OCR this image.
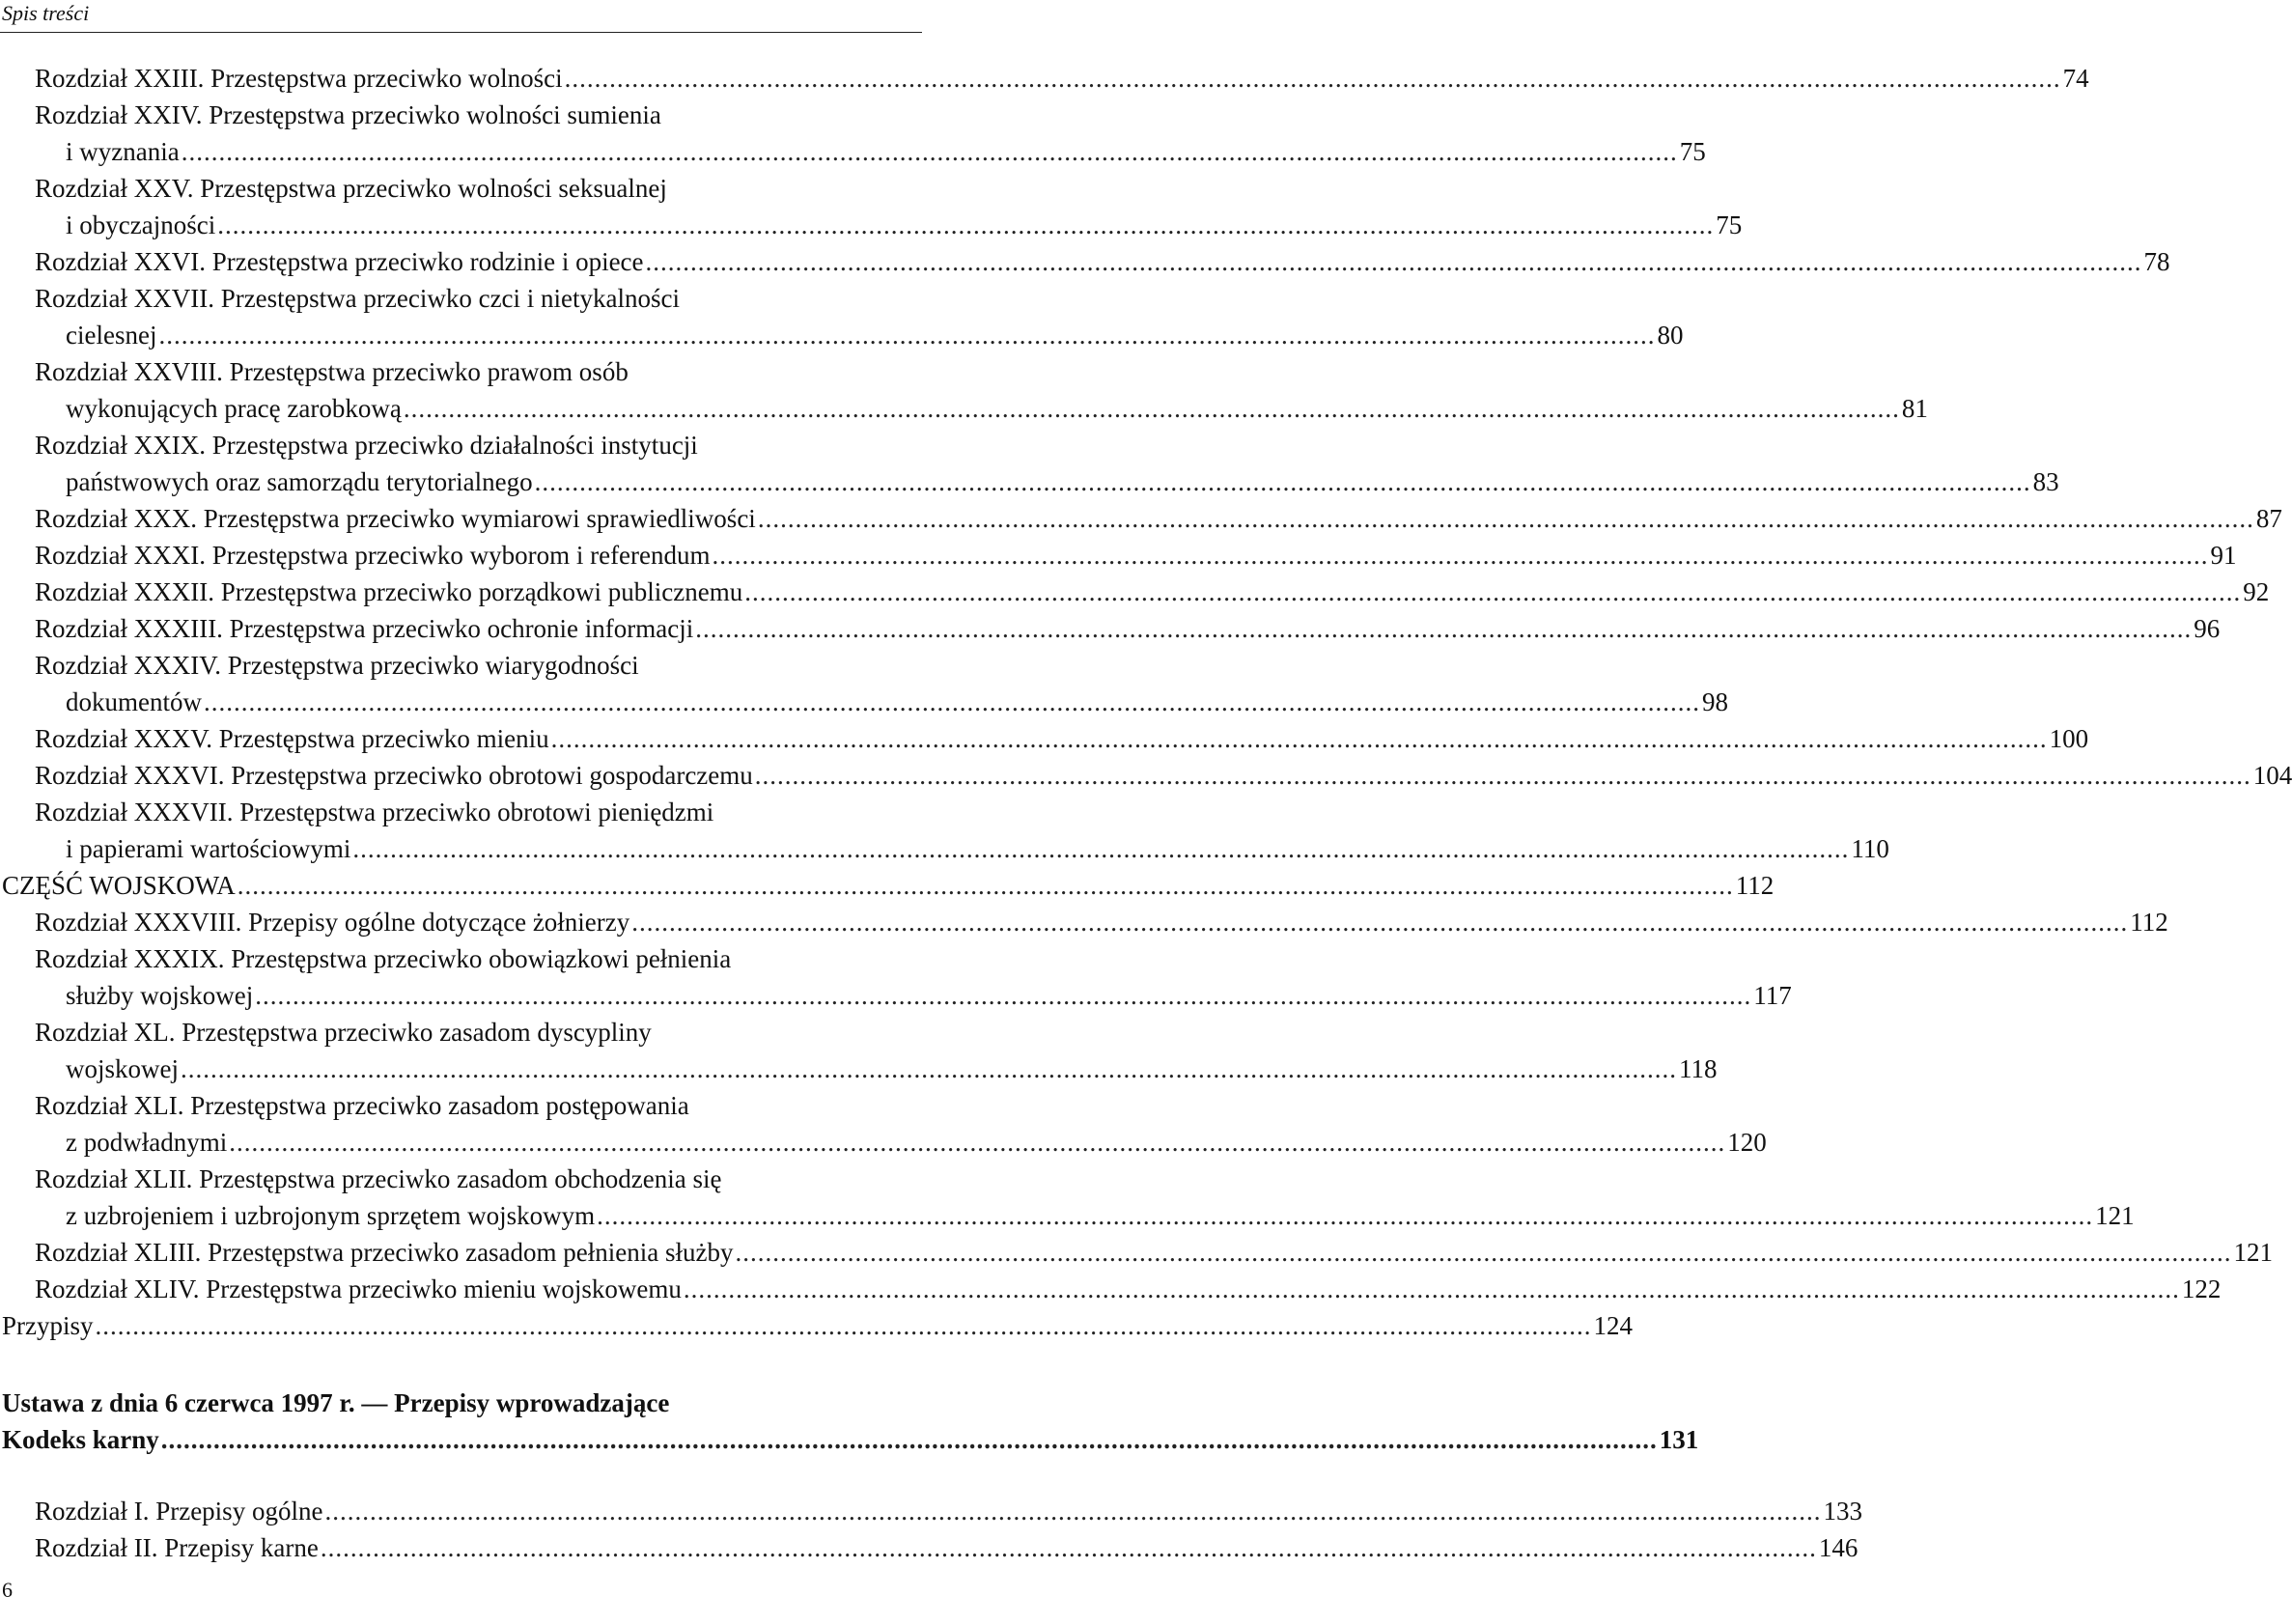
Spis treści
Rozdział XXIII. Przestępstwa przeciwko wolności ........................................................................................................................................................................................................ 74
Rozdział XXIV. Przestępstwa przeciwko wolności sumienia
i wyznania ........................................................................................................................................................................................................ 75
Rozdział XXV. Przestępstwa przeciwko wolności seksualnej
i obyczajności ........................................................................................................................................................................................................ 75
Rozdział XXVI. Przestępstwa przeciwko rodzinie i opiece ........................................................................................................................................................................................................ 78
Rozdział XXVII. Przestępstwa przeciwko czci i nietykalności
cielesnej ........................................................................................................................................................................................................ 80
Rozdział XXVIII. Przestępstwa przeciwko prawom osób
wykonujących pracę zarobkową ........................................................................................................................................................................................................ 81
Rozdział XXIX. Przestępstwa przeciwko działalności instytucji
państwowych oraz samorządu terytorialnego ........................................................................................................................................................................................................ 83
Rozdział XXX. Przestępstwa przeciwko wymiarowi sprawiedliwości ........................................................................................................................................................................................................ 87
Rozdział XXXI. Przestępstwa przeciwko wyborom i referendum ........................................................................................................................................................................................................ 91
Rozdział XXXII. Przestępstwa przeciwko porządkowi publicznemu ........................................................................................................................................................................................................ 92
Rozdział XXXIII. Przestępstwa przeciwko ochronie informacji ........................................................................................................................................................................................................ 96
Rozdział XXXIV. Przestępstwa przeciwko wiarygodności
dokumentów ........................................................................................................................................................................................................ 98
Rozdział XXXV. Przestępstwa przeciwko mieniu ........................................................................................................................................................................................................ 100
Rozdział XXXVI. Przestępstwa przeciwko obrotowi gospodarczemu ........................................................................................................................................................................................................ 104
Rozdział XXXVII. Przestępstwa przeciwko obrotowi pieniędzmi
i papierami wartościowymi ........................................................................................................................................................................................................ 110
CZĘŚĆ WOJSKOWA ........................................................................................................................................................................................................ 112
Rozdział XXXVIII. Przepisy ogólne dotyczące żołnierzy ........................................................................................................................................................................................................ 112
Rozdział XXXIX. Przestępstwa przeciwko obowiązkowi pełnienia
służby wojskowej ........................................................................................................................................................................................................ 117
Rozdział XL. Przestępstwa przeciwko zasadom dyscypliny
wojskowej ........................................................................................................................................................................................................ 118
Rozdział XLI. Przestępstwa przeciwko zasadom postępowania
z podwładnymi ........................................................................................................................................................................................................ 120
Rozdział XLII. Przestępstwa przeciwko zasadom obchodzenia się
z uzbrojeniem i uzbrojonym sprzętem wojskowym ........................................................................................................................................................................................................ 121
Rozdział XLIII. Przestępstwa przeciwko zasadom pełnienia służby ........................................................................................................................................................................................................ 121
Rozdział XLIV. Przestępstwa przeciwko mieniu wojskowemu ........................................................................................................................................................................................................ 122
Przypisy ........................................................................................................................................................................................................ 124
Ustawa z dnia 6 czerwca 1997 r. — Przepisy wprowadzające
Kodeks karny ........................................................................................................................................................................................................ 131
Rozdział I. Przepisy ogólne ........................................................................................................................................................................................................ 133
Rozdział II. Przepisy karne ........................................................................................................................................................................................................ 146
6
